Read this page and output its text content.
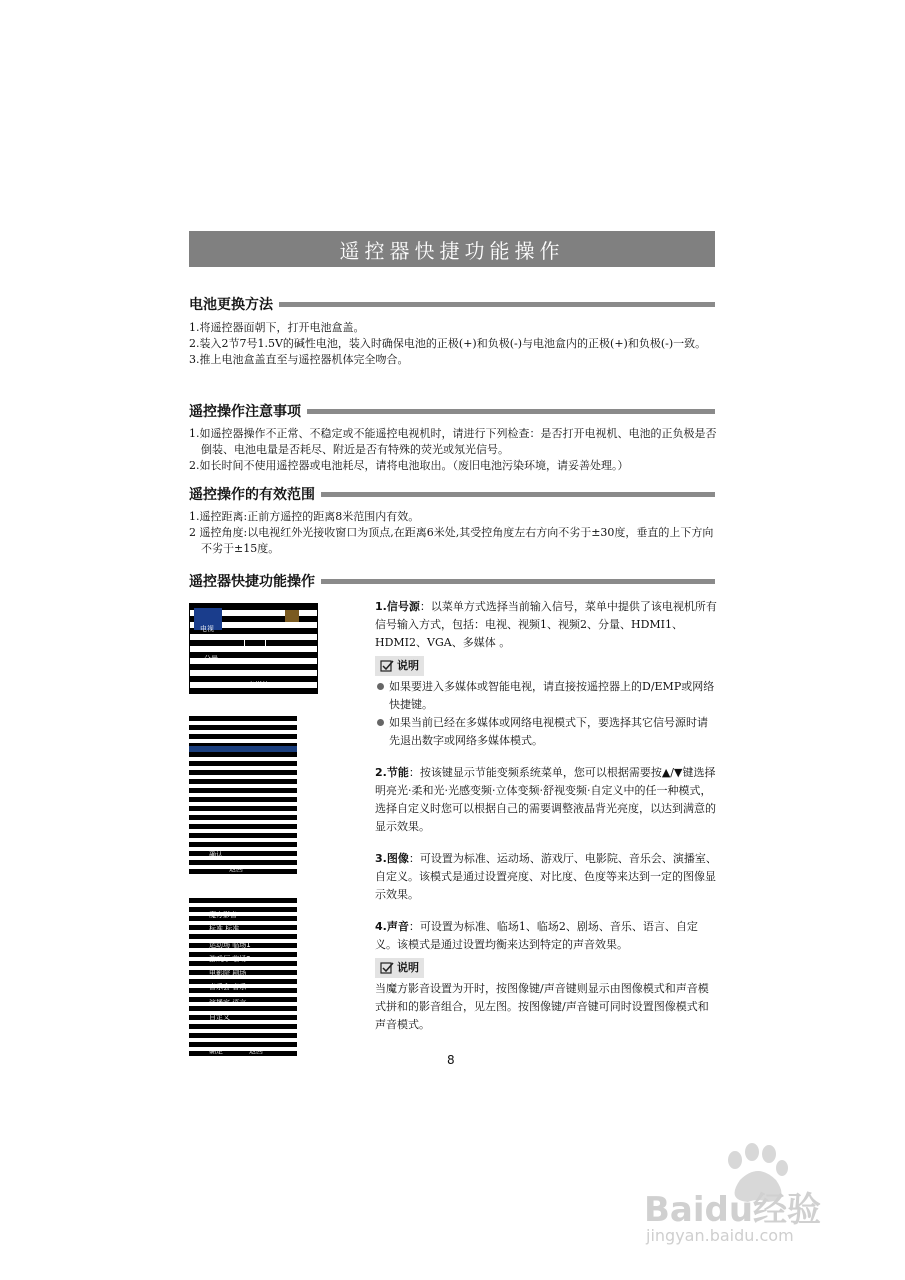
遥控器快捷功能操作
电池更换方法
1.将遥控器面朝下，打开电池盒盖。
2.装入2节7号1.5V的碱性电池，装入时确保电池的正极(+)和负极(-)与电池盒内的正极(+)和负极(-)一致。
3.推上电池盒盖直至与遥控器机体完全吻合。
遥控操作注意事项
1.如遥控器操作不正常、不稳定或不能遥控电视机时，请进行下列检查：是否打开电视机、电池的正负极是否倒装、电池电量是否耗尽、附近是否有特殊的荧光或氖光信号。
2.如长时间不使用遥控器或电池耗尽，请将电池取出。（废旧电池污染环境，请妥善处理。）
遥控操作的有效范围
1.遥控距离:正前方遥控的距离8米范围内有效。
2 遥控角度:以电视红外光接收窗口为顶点,在距离6米处,其受控角度左右方向不劣于±30度，垂直的上下方向不劣于±15度。
遥控器快捷功能操作
电视
分量
多媒体
确认
返回
魔方影音
标准 标准
运动场 临场1
游戏厅 临场2
电影院 剧场
音乐会 音乐
演播室 语言
自定义
确定	返回
1.信号源：以菜单方式选择当前输入信号，菜单中提供了该电视机所有信号输入方式，包括：电视、视频1、视频2、分量、HDMI1、HDMI2、VGA、多媒体 。
说明
如果要进入多媒体或智能电视，请直接按遥控器上的D/EMP或网络快捷键。
如果当前已经在多媒体或网络电视模式下，要选择其它信号源时请先退出数字或网络多媒体模式。
2.节能：按该键显示节能变频系统菜单，您可以根据需要按▲/▼键选择明亮光·柔和光·光感变频·立体变频·舒视变频·自定义中的任一种模式，选择自定义时您可以根据自己的需要调整液晶背光亮度，以达到满意的显示效果。
3.图像：可设置为标准、运动场、游戏厅、电影院、音乐会、演播室、自定义。该模式是通过设置亮度、对比度、色度等来达到一定的图像显示效果。
4.声音：可设置为标准、临场1、临场2、剧场、音乐、语言、自定义。该模式是通过设置均衡来达到特定的声音效果。
说明
当魔方影音设置为开时，按图像键/声音键则显示由图像模式和声音模式拼和的影音组合，见左图。按图像键/声音键可同时设置图像模式和声音模式。
8
Baidu经验
jingyan.baidu.com
